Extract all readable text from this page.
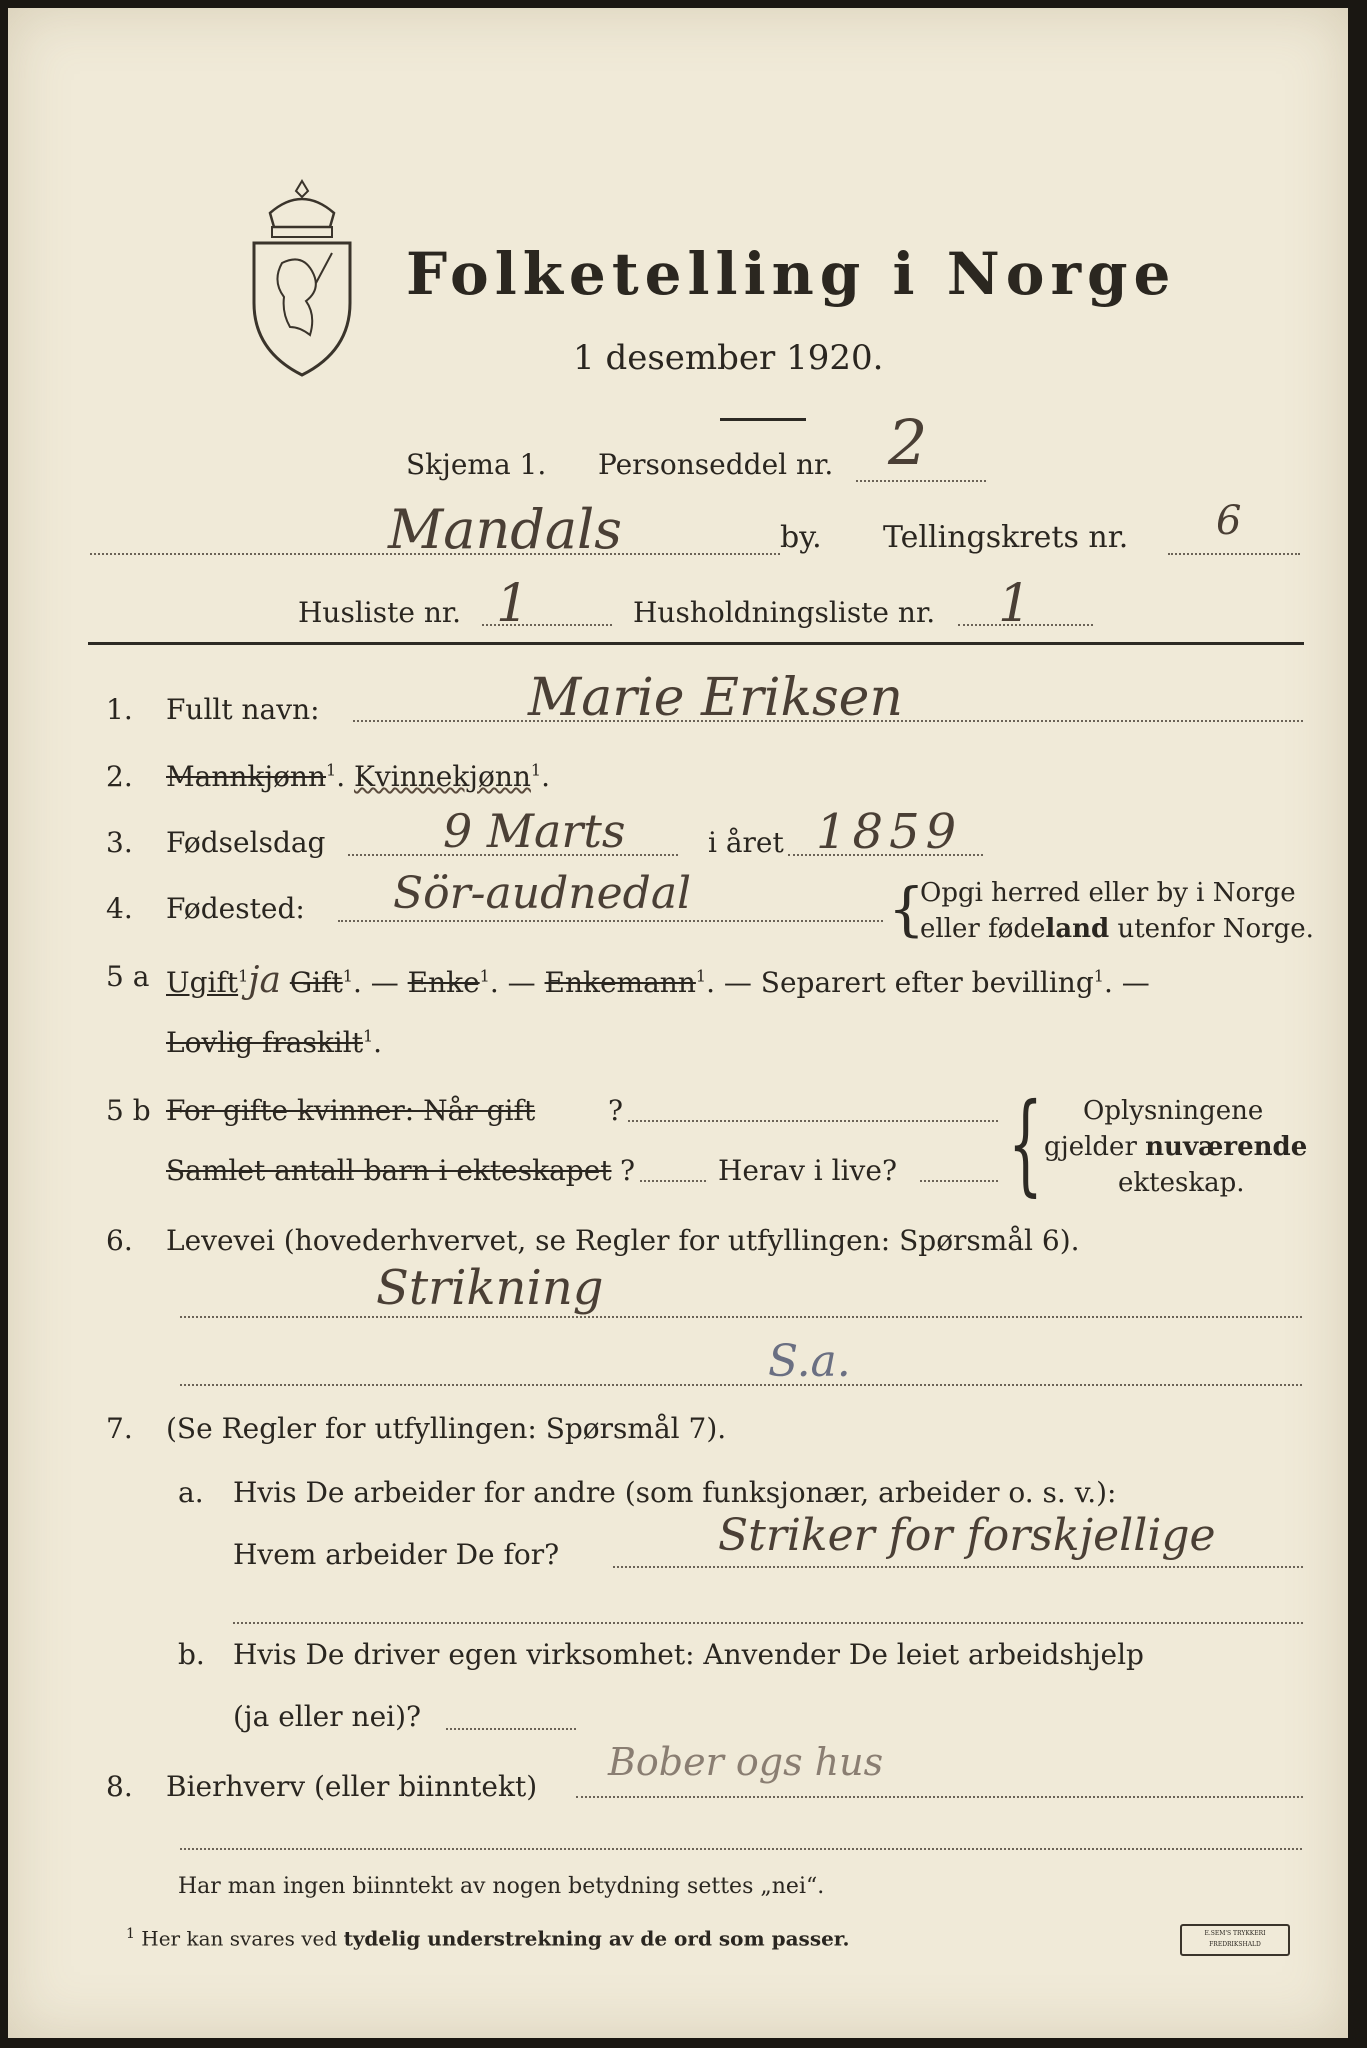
Folketelling i Norge
1 desember 1920.
Skjema 1. Personseddel nr. 2
Mandals	by. Tellingskrets nr. 6
Husliste nr. 1	Husholdningsliste nr. 1
1. Fullt navn:	Marie Eriksen
2. Mannkjønn$^1$. Kvinnekjønn$^1$.
3. Fødselsdag	9 Marts	i året 1859
4. Fødested: Sör-audnedal	{
Opgi herred eller by i Norge
eller fødeland utenfor Norge.
5 a Ugift$^1$ja Gift$^1$. — Enke$^1$. — Enkemann$^1$. — Separert efter bevilling$^1$. —
Lovlig fraskilt$^1$.
5 b For gifte kvinner: Når gift	?
Samlet antall barn i ekteskapet ?	Herav i live? { Oplysningene
gjelder nuværende
ekteskap.
6. Levevei (hovederhvervet, se Regler for utfyllingen: Spørsmål 6).
Strikning
S.a.
7. (Se Regler for utfyllingen: Spørsmål 7).
a. Hvis De arbeider for andre (som funksjonær, arbeider o. s. v.):
Hvem arbeider De for?	Striker for forskjellige
b. Hvis De driver egen virksomhet: Anvender De leiet arbeidshjelp
(ja eller nei)?
8. Bierhverv (eller biinntekt)
Bober ogs hus
Har man ingen biinntekt av nogen betydning settes „nei“.
$^1$ Her kan svares ved tydelig understrekning av de ord som passer.	E.SEM'S TRYKKERI FREDRIKSHALD
